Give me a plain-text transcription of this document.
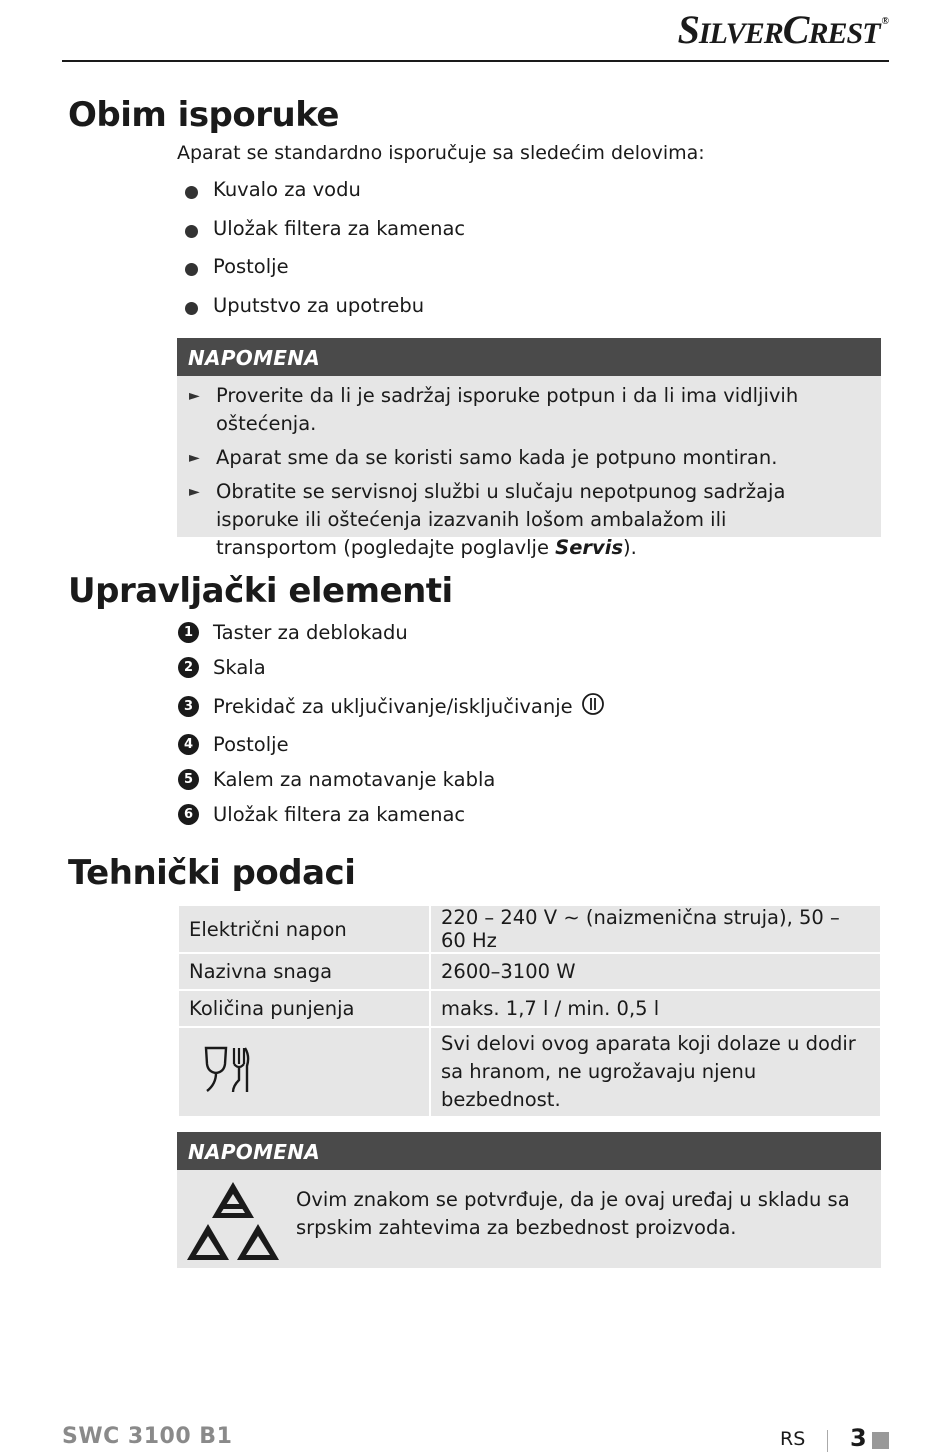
SILVERCREST ®
Obim isporuke
Aparat se standardno isporučuje sa sledećim delovima:
Kuvalo za vodu
Uložak filtera za kamenac
Postolje
Uputstvo za upotrebu
NAPOMENA
► Proverite da li je sadržaj isporuke potpun i da li ima vidljivih oštećenja.
► Aparat sme da se koristi samo kada je potpuno montiran.
► Obratite se servisnoj službi u slučaju nepotpunog sadržaja isporuke ili oštećenja izazvanih lošom ambalažom ili transportom (pogledajte poglavlje Servis).
Upravljački elementi
1	Taster za deblokadu
2	Skala
3	Prekidač za uključivanje/isključivanje
4	Postolje
5	Kalem za namotavanje kabla
6	Uložak filtera za kamenac
Tehnički podaci
Električni napon	220 – 240 V ∼ (naizmenična struja), 50 – 60 Hz
Nazivna snaga	2600–3100 W
Količina punjenja	maks. 1,7 l / min. 0,5 l
	Svi delovi ovog aparata koji dolaze u dodir sa hranom, ne ugrožavaju njenu bezbednost.
NAPOMENA
Ovim znakom se potvrđuje, da je ovaj uređaj u skladu sa srpskim zahtevima za bezbednost proizvoda.
SWC 3100 B1	RS 3
